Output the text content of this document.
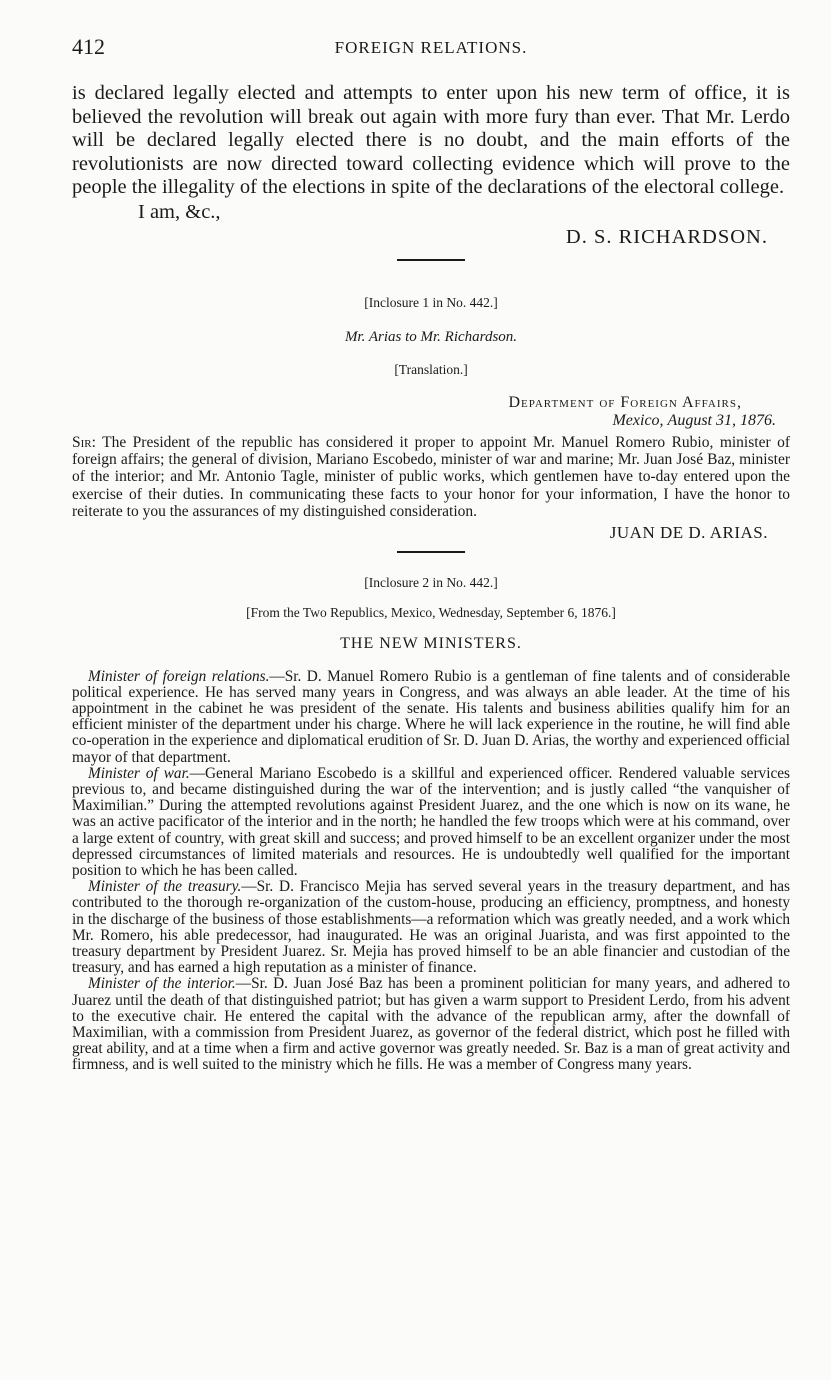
412	FOREIGN RELATIONS.

is declared legally elected and attempts to enter upon his new term of office, it is believed the revolution will break out again with more fury than ever. That Mr. Lerdo will be declared legally elected there is no doubt, and the main efforts of the revolutionists are now directed toward collecting evidence which will prove to the people the illegality of the elections in spite of the declarations of the electoral college.

I am, &c.,

D. S. RICHARDSON.

[Inclosure 1 in No. 442.]

Mr. Arias to Mr. Richardson.

[Translation.]

Department of Foreign Affairs,

Mexico, August 31, 1876.

Sir: The President of the republic has considered it proper to appoint Mr. Manuel Romero Rubio, minister of foreign affairs; the general of division, Mariano Escobedo, minister of war and marine; Mr. Juan José Baz, minister of the interior; and Mr. Antonio Tagle, minister of public works, which gentlemen have to-day entered upon the exercise of their duties. In communicating these facts to your honor for your information, I have the honor to reiterate to you the assurances of my distinguished consideration.

JUAN DE D. ARIAS.

[Inclosure 2 in No. 442.]

[From the Two Republics, Mexico, Wednesday, September 6, 1876.]

THE NEW MINISTERS.

Minister of foreign relations.—Sr. D. Manuel Romero Rubio is a gentleman of fine talents and of considerable political experience. He has served many years in Congress, and was always an able leader. At the time of his appointment in the cabinet he was president of the senate. His talents and business abilities qualify him for an efficient minister of the department under his charge. Where he will lack experience in the routine, he will find able co-operation in the experience and diplomatical erudition of Sr. D. Juan D. Arias, the worthy and experienced official mayor of that department.

Minister of war.—General Mariano Escobedo is a skillful and experienced officer. Rendered valuable services previous to, and became distinguished during the war of the intervention; and is justly called “the vanquisher of Maximilian.” During the attempted revolutions against President Juarez, and the one which is now on its wane, he was an active pacificator of the interior and in the north; he handled the few troops which were at his command, over a large extent of country, with great skill and success; and proved himself to be an excellent organizer under the most depressed circumstances of limited materials and resources. He is undoubtedly well qualified for the important position to which he has been called.

Minister of the treasury.—Sr. D. Francisco Mejia has served several years in the treasury department, and has contributed to the thorough re-organization of the custom-house, producing an efficiency, promptness, and honesty in the discharge of the business of those establishments—a reformation which was greatly needed, and a work which Mr. Romero, his able predecessor, had inaugurated. He was an original Juarista, and was first appointed to the treasury department by President Juarez. Sr. Mejia has proved himself to be an able financier and custodian of the treasury, and has earned a high reputation as a minister of finance.

Minister of the interior.—Sr. D. Juan José Baz has been a prominent politician for many years, and adhered to Juarez until the death of that distinguished patriot; but has given a warm support to President Lerdo, from his advent to the executive chair. He entered the capital with the advance of the republican army, after the downfall of Maximilian, with a commission from President Juarez, as governor of the federal district, which post he filled with great ability, and at a time when a firm and active governor was greatly needed. Sr. Baz is a man of great activity and firmness, and is well suited to the ministry which he fills. He was a member of Congress many years.
